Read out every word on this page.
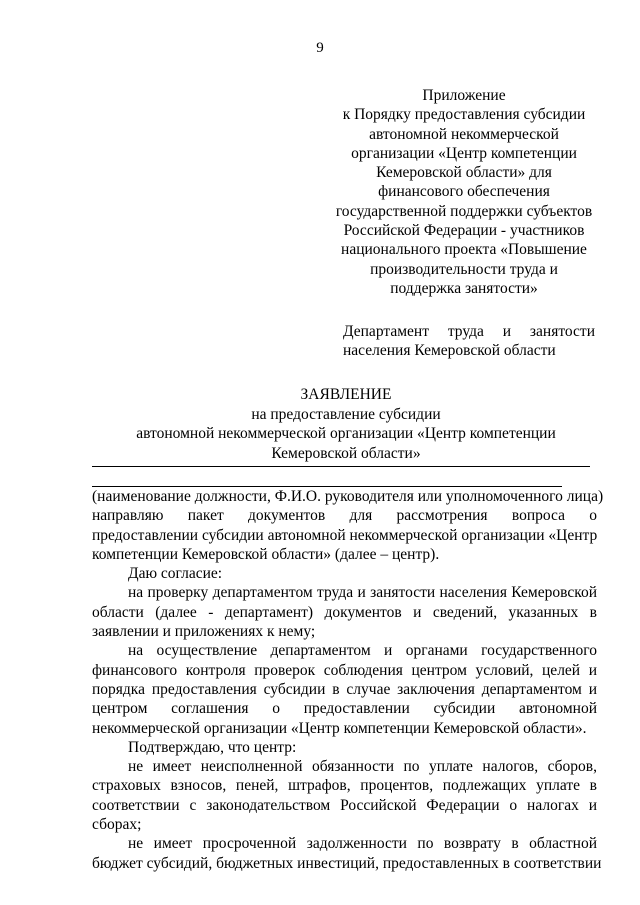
9
Приложение
к Порядку предоставления субсидии
автономной некоммерческой
организации «Центр компетенции
Кемеровской области» для
финансового обеспечения
государственной поддержки субъектов
Российской Федерации - участников
национального проекта «Повышение
производительности труда и
поддержка занятости»
Департамент труда и занятости
населения Кемеровской области
ЗАЯВЛЕНИЕ
на предоставление субсидии
автономной некоммерческой организации «Центр компетенции
Кемеровской области»
(наименование должности, Ф.И.О. руководителя или уполномоченного лица)
направляю пакет документов для рассмотрения вопроса о
предоставлении субсидии автономной некоммерческой организации «Центр
компетенции Кемеровской области» (далее – центр).
Даю согласие:
на проверку департаментом труда и занятости населения Кемеровской
области (далее - департамент) документов и сведений, указанных в
заявлении и приложениях к нему;
на осуществление департаментом и органами государственного
финансового контроля проверок соблюдения центром условий, целей и
порядка предоставления субсидии в случае заключения департаментом и
центром соглашения о предоставлении субсидии автономной
некоммерческой организации «Центр компетенции Кемеровской области».
Подтверждаю, что центр:
не имеет неисполненной обязанности по уплате налогов, сборов,
страховых взносов, пеней, штрафов, процентов, подлежащих уплате в
соответствии с законодательством Российской Федерации о налогах и
сборах;
не имеет просроченной задолженности по возврату в областной
бюджет субсидий, бюджетных инвестиций, предоставленных в соответствии
